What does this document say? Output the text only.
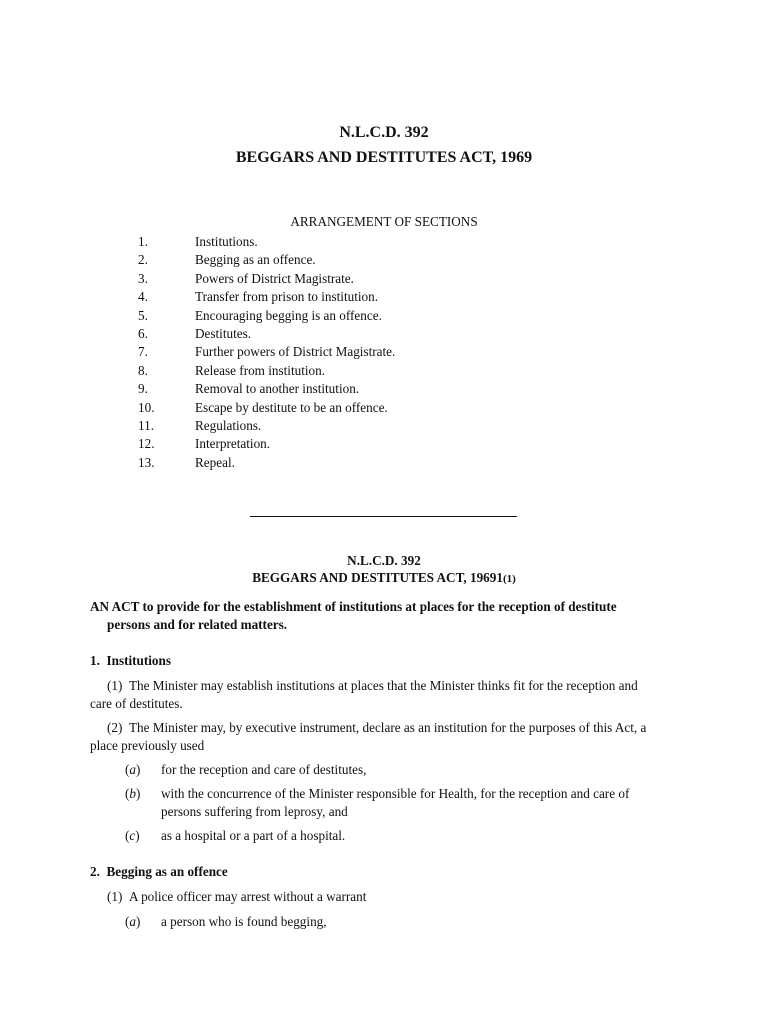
N.L.C.D. 392
BEGGARS AND DESTITUTES ACT, 1969
ARRANGEMENT OF SECTIONS
1.	Institutions.
2.	Begging as an offence.
3.	Powers of District Magistrate.
4.	Transfer from prison to institution.
5.	Encouraging begging is an offence.
6.	Destitutes.
7.	Further powers of District Magistrate.
8.	Release from institution.
9.	Removal to another institution.
10.	Escape by destitute to be an offence.
11.	Regulations.
12.	Interpretation.
13.	Repeal.
N.L.C.D. 392
BEGGARS AND DESTITUTES ACT, 19691(1)
AN ACT to provide for the establishment of institutions at places for the reception of destitute
persons and for related matters.
1.  Institutions
(1)  The Minister may establish institutions at places that the Minister thinks fit for the reception and
care of destitutes.
(2)  The Minister may, by executive instrument, declare as an institution for the purposes of this Act, a
place previously used
(a) for the reception and care of destitutes,
(b) with the concurrence of the Minister responsible for Health, for the reception and care of
persons suffering from leprosy, and
(c) as a hospital or a part of a hospital.
2.  Begging as an offence
(1)  A police officer may arrest without a warrant
(a) a person who is found begging,
